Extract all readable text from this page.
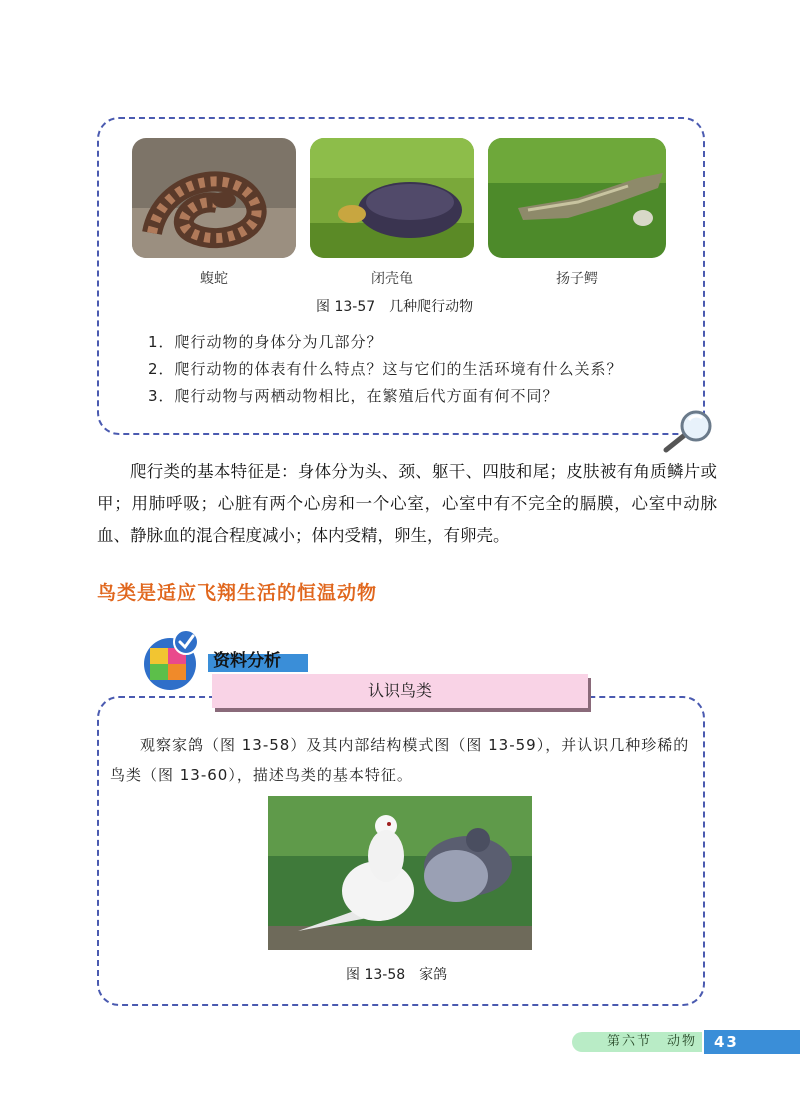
蝮蛇	闭壳龟	扬子鳄
图 13-57　几种爬行动物
1．爬行动物的身体分为几部分？
2．爬行动物的体表有什么特点？这与它们的生活环境有什么关系？
3．爬行动物与两栖动物相比，在繁殖后代方面有何不同？

爬行类的基本特征是：身体分为头、颈、躯干、四肢和尾；皮肤被有角质鳞片或甲；用肺呼吸；心脏有两个心房和一个心室，心室中有不完全的膈膜，心室中动脉血、静脉血的混合程度减小；体内受精，卵生，有卵壳。

鸟类是适应飞翔生活的恒温动物
资料分析
认识鸟类

观察家鸽（图 13-58）及其内部结构模式图（图 13-59），并认识几种珍稀的鸟类（图 13-60），描述鸟类的基本特征。

图 13-58　家鸽
第六节　动物	43
